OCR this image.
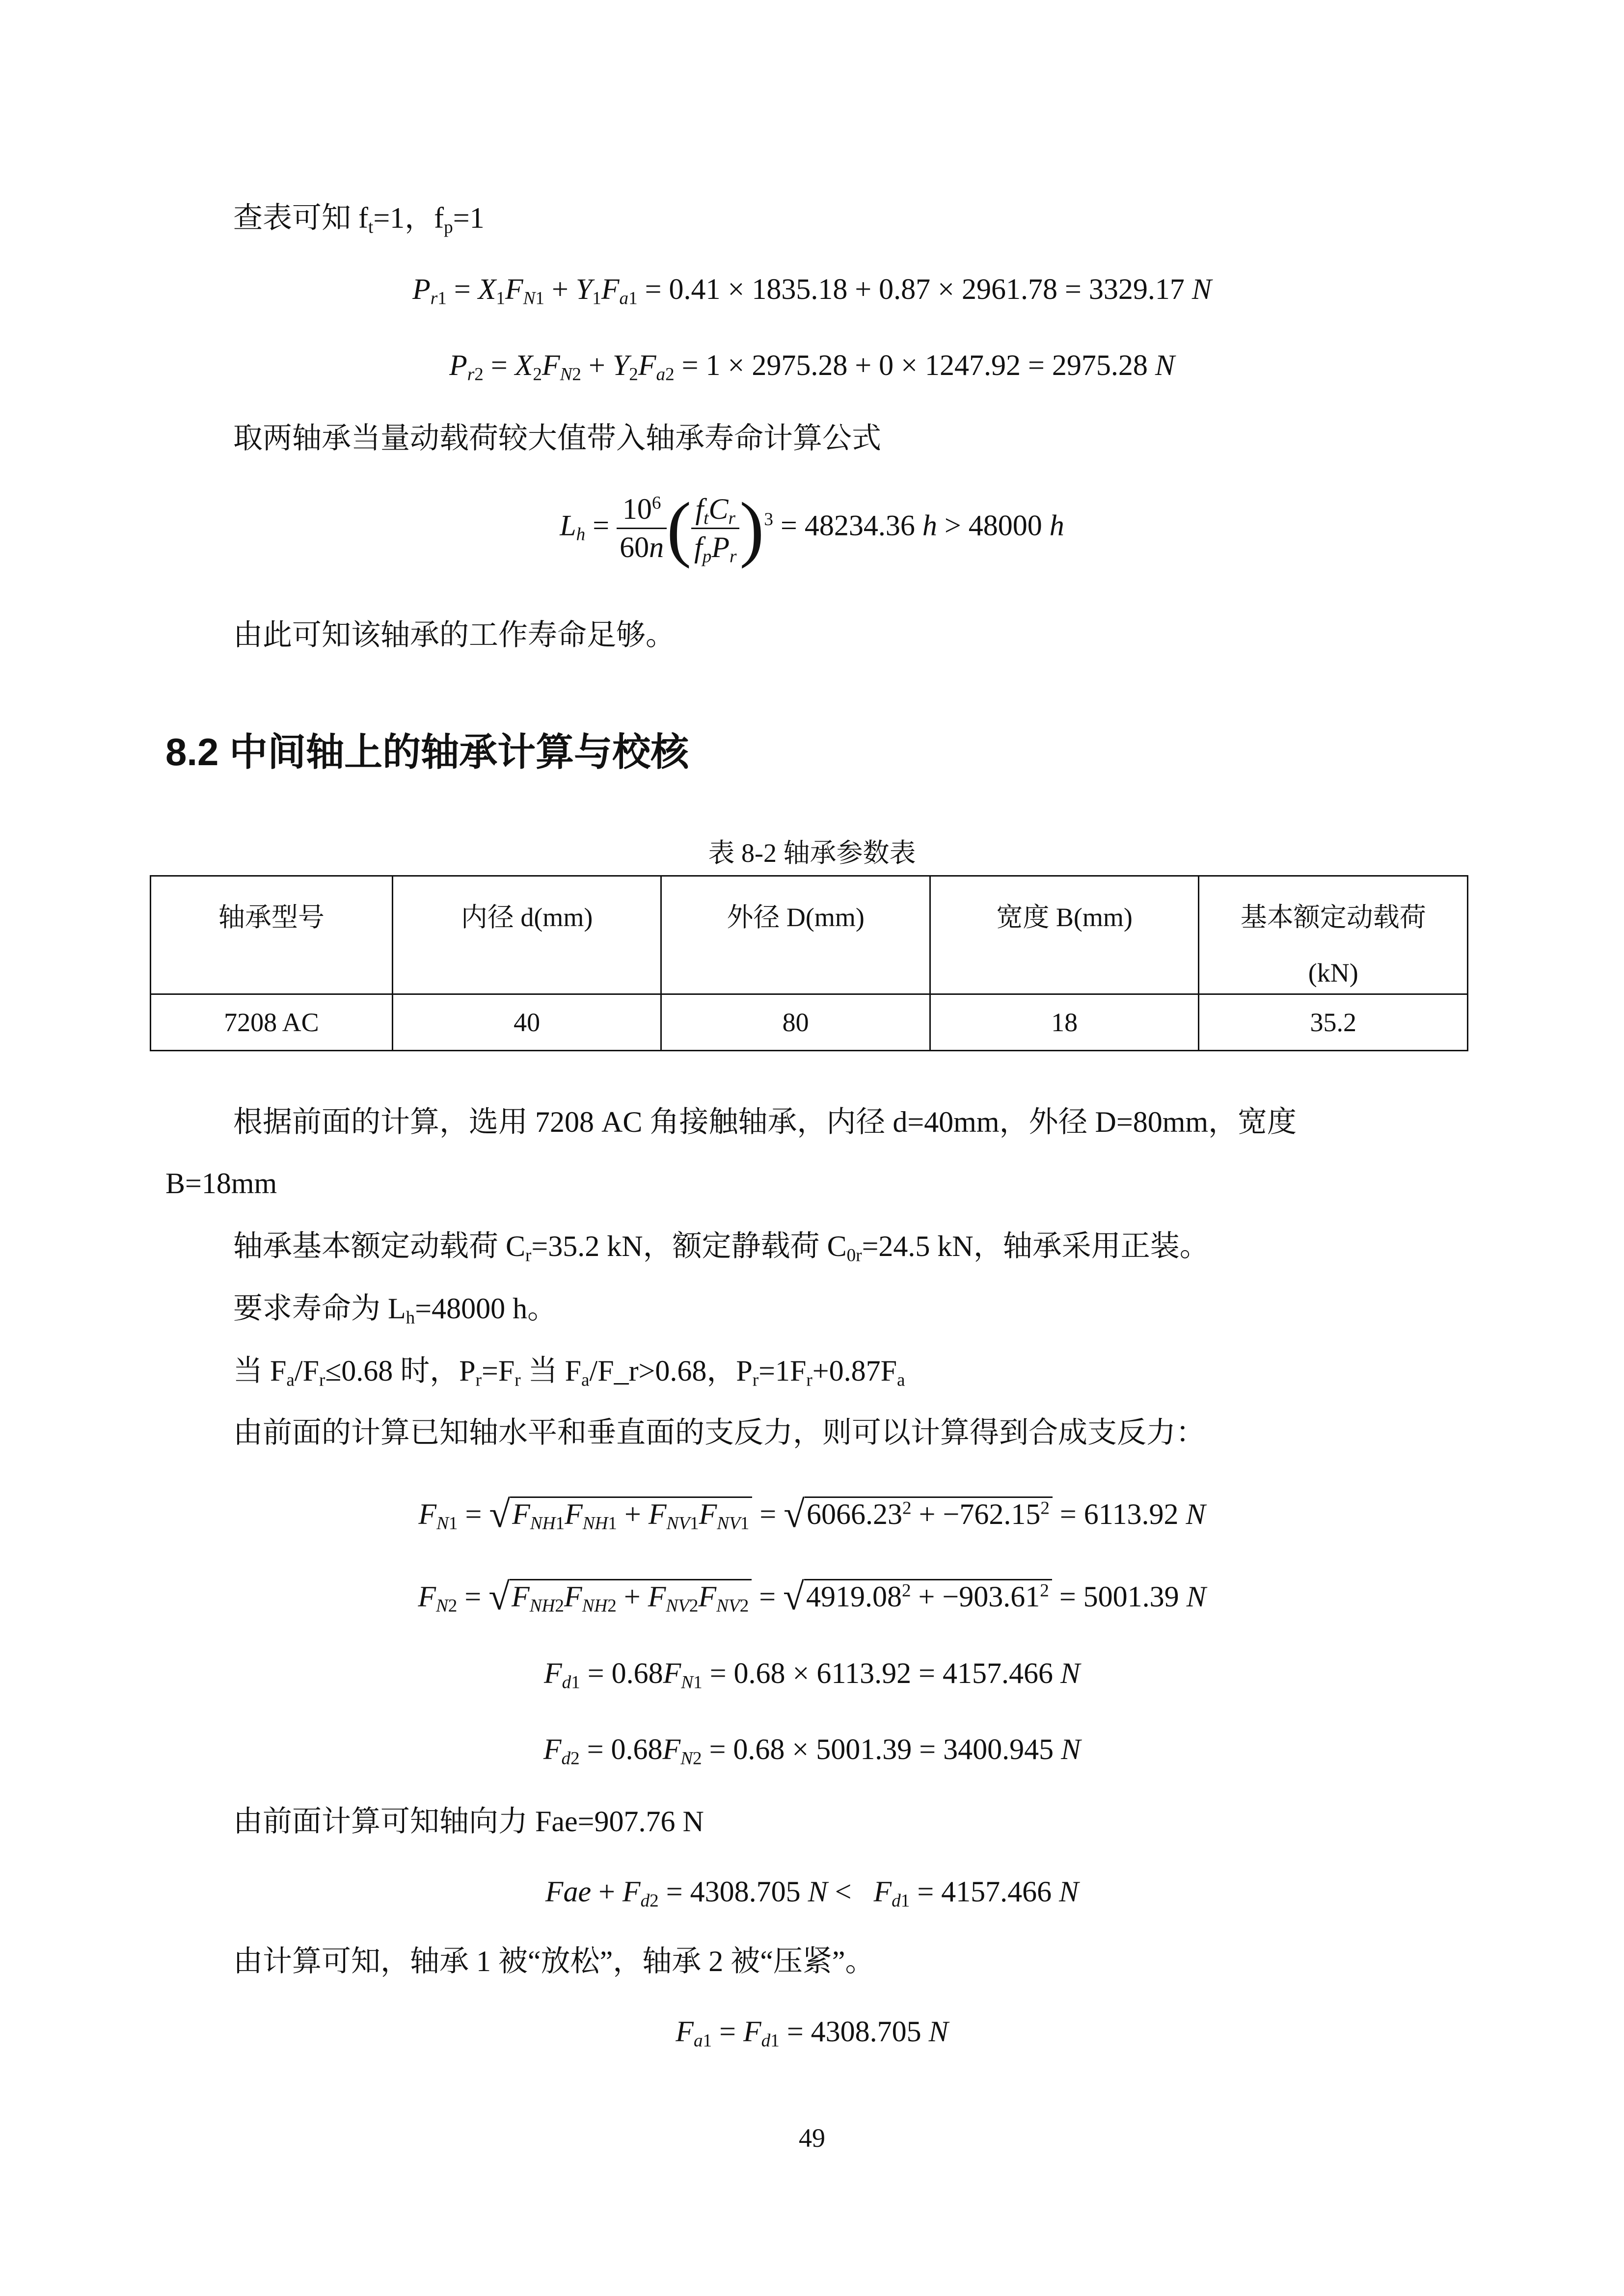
查表可知 $f_t=1$，$f_p=1$
$P_{r1} = X_1F_{N1} + Y_1F_{a1} = 0.41 \times 1835.18 + 0.87 \times 2961.78 = 3329.17$ N
$P_{r2} = X_2F_{N2} + Y_2F_{a2} = 1 \times 2975.28 + 0 \times 1247.92 = 2975.28$ N
取两轴承当量动载荷较大值带入轴承寿命计算公式
$L_h = \frac{10^6}{60n}$ ( $\frac{f_tC_r}{f_pP_r} )^3 = 48234.36$ h > 48000 h
由此可知该轴承的工作寿命足够。
8.2 中间轴上的轴承计算与校核
表 8-2 轴承参数表
轴承型号	内径 d(mm)	外径 D(mm)	宽度 B(mm)	基本额定动载荷
(kN)

7208 AC	40	80	18	35.2
根据前面的计算，选用 7208 AC 角接触轴承，内径 d=40mm，外径 D=80mm，宽度
B=18mm
轴承基本额定动载荷 $C_r=35.2$ kN，额定静载荷 $C_{0r}=24.5$ kN，轴承采用正装。
要求寿命为 $L_h=48000$ h。
当 $F_a/F_r\le 0.68$ 时，$P_r=F_r$ 当 $F_a/F\_r>0.68$，$P_r=1F_r+0.87F_a$
由前面的计算已知轴水平和垂直面的支反力，则可以计算得到合成支反力：
$F_{N1} = √F_{NH1}F_{NH1} + F_{NV1}F_{NV1} = √6066.23^2 + -762.15^2 = 6113.92$ N
$F_{N2} = √F_{NH2}F_{NH2} + F_{NV2}F_{NV2} = √4919.08^2 + -903.61^2 = 5001.39$ N
$F_{d1} = 0.68F_{N1} = 0.68 \times 6113.92 = 4157.466$ N
$F_{d2} = 0.68F_{N2} = 0.68 \times 5001.39 = 3400.945$ N
由前面计算可知轴向力 Fae=907.76 N
Fae + $F_{d2} = 4308.705$ $N < F_{d1} = 4157.466$ N
由计算可知，轴承 1 被“放松”，轴承 2 被“压紧”。
$F_{a1} = F_{d1} = 4308.705$ N
49
